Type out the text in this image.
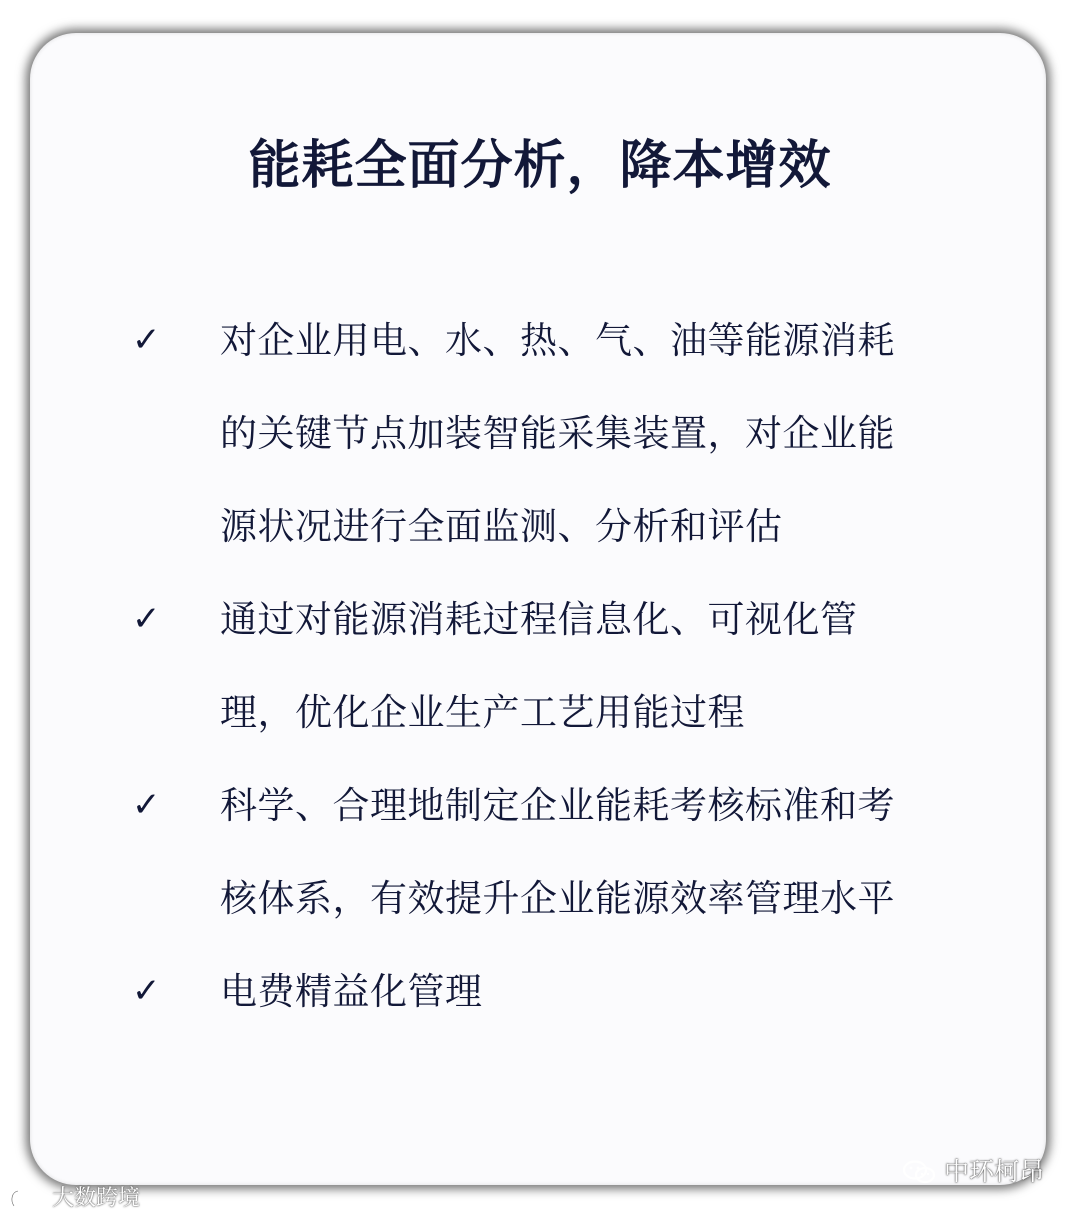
能耗全面分析，降本增效
✓ 对企业用电、水、热、气、油等能源消耗的关键节点加装智能采集装置，对企业能源状况进行全面监测、分析和评估
✓ 通过对能源消耗过程信息化、可视化管理，优化企业生产工艺用能过程
✓ 科学、合理地制定企业能耗考核标准和考核体系，有效提升企业能源效率管理水平
✓ 电费精益化管理
大数跨境
中环柯昂
